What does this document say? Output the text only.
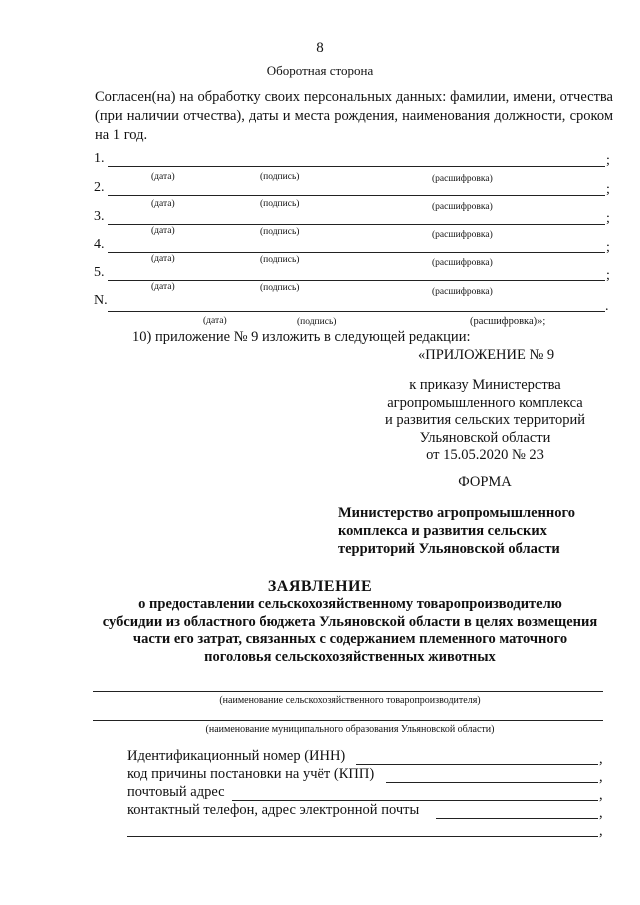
8
Оборотная сторона
Согласен(на) на обработку своих персональных данных: фамилии, имени, отчества (при наличии отчества), даты и места рождения, наименования должности, сроком на 1 год.
1.	;
(дата)	(подпись)	(расшифровка)
2.	;
(дата)	(подпись)	(расшифровка)
3.	;
(дата)	(подпись)	(расшифровка)
4.	;
(дата)	(подпись)	(расшифровка)
5.	;
(дата)	(подпись)	(расшифровка)
N.	.
(дата)	(подпись)	(расшифровка)»;
10) приложение № 9 изложить в следующей редакции:
«ПРИЛОЖЕНИЕ № 9
к приказу Министерства
агропромышленного комплекса
и развития сельских территорий
Ульяновской области
от 15.05.2020 № 23
ФОРМА
Министерство агропромышленного
комплекса и развития сельских
территорий Ульяновской области
ЗАЯВЛЕНИЕ
о предоставлении сельскохозяйственному товаропроизводителю
субсидии из областного бюджета Ульяновской области в целях возмещения
части его затрат, связанных с содержанием племенного маточного
поголовья сельскохозяйственных животных
(наименование сельскохозяйственного товаропроизводителя)
(наименование муниципального образования Ульяновской области)
Идентификационный номер (ИНН)	,
код причины постановки на учёт (КПП)	,
почтовый адрес	,
контактный телефон, адрес электронной почты	,
,
